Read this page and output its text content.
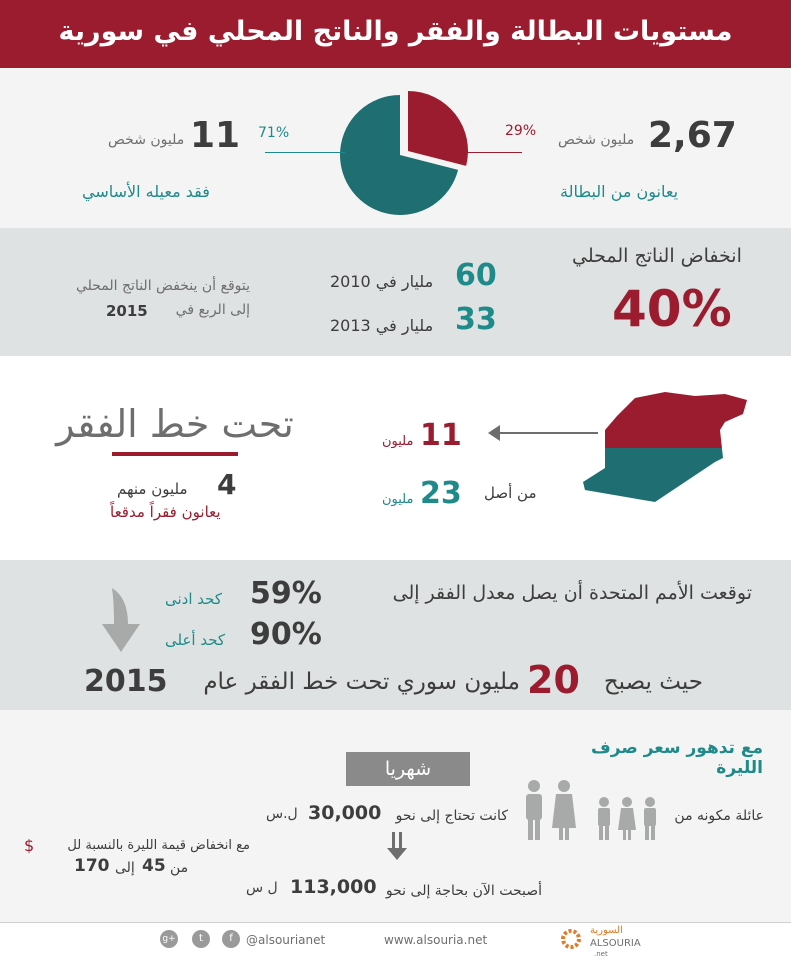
مستويات البطالة والفقر والناتج المحلي في سورية
29%
71%	2,67
مليون شخص
يعانون من البطالة
11
مليون شخص
فقد معيله الأساسي
انخفاض الناتج المحلي
40%
60
مليار في 2010
33
مليار في 2013
يتوقع أن ينخفض الناتج المحلي
إلى الربع في
2015
11
مليون
من أصل
23
مليون
تحت خط الفقر
4
مليون منهم
يعانون فقراً مدقعاً
توقعت الأمم المتحدة أن يصل معدل الفقر إلى
59%
كحد ادنى
90%
كحد أعلى
حيث يصبح
20
مليون سوري تحت خط الفقر عام
2015
مع تدهور سعر صرف الليرة
شهريا
عائلة مكونه من
كانت تحتاج إلى نحو
30,000
ل.س
أصبحت الآن بحاجة إلى نحو
113,000
ل س
$	مع انخفاض قيمة الليرة بالنسبة لل
من
45
إلى
170
g+	t	f	@alsourianet	www.alsouria.net
السورية
ALSOURIA
.net
